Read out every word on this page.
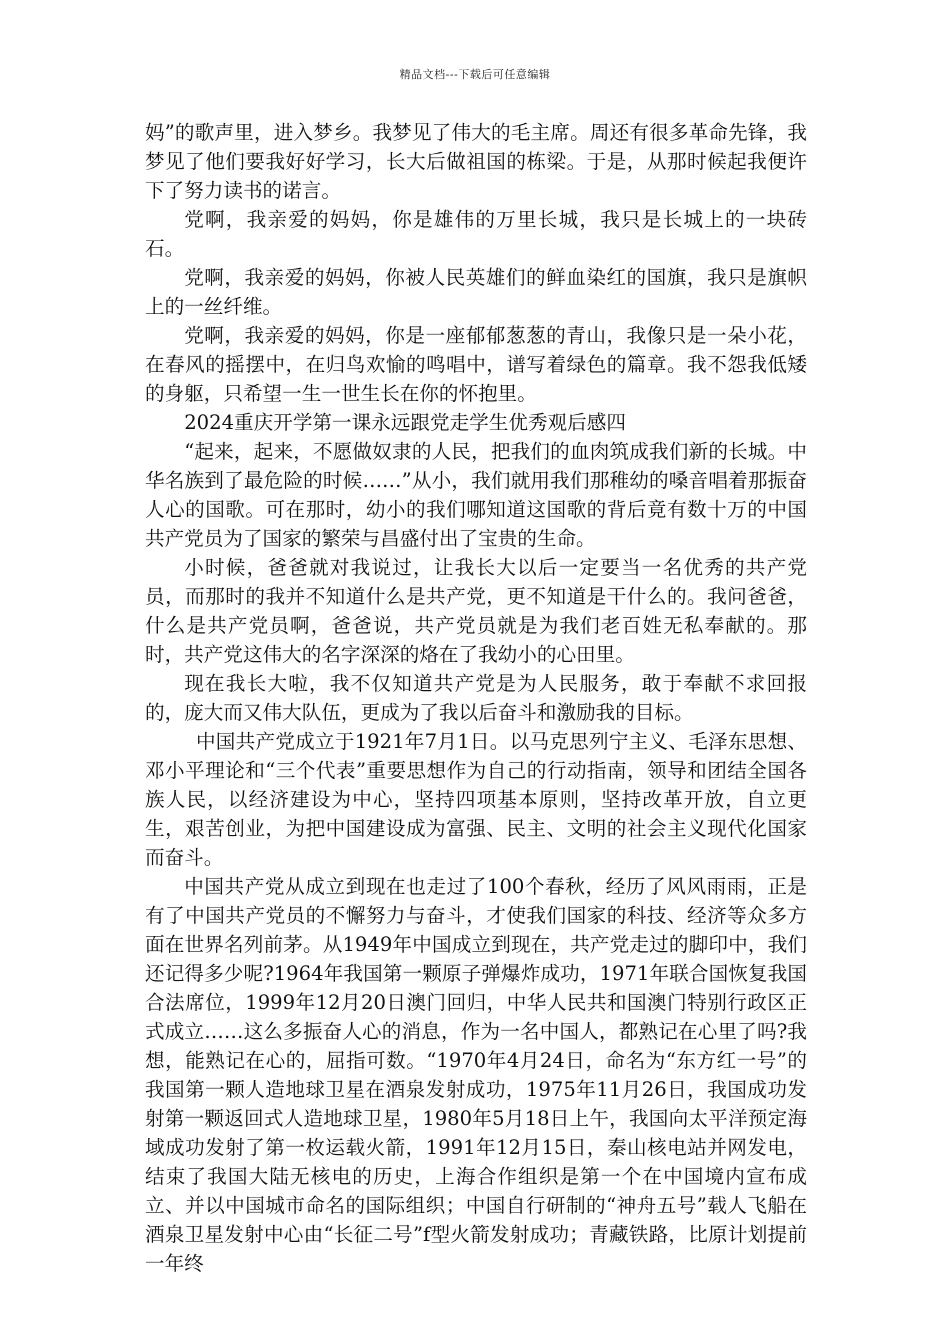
精品文档---下载后可任意编辑

妈”的歌声里，进入梦乡。我梦见了伟大的毛主席。周还有很多革命先锋，我梦见了他们要我好好学习，长大后做祖国的栋梁。于是，从那时候起我便许下了努力读书的诺言。

党啊，我亲爱的妈妈，你是雄伟的万里长城，我只是长城上的一块砖石。

党啊，我亲爱的妈妈，你被人民英雄们的鲜血染红的国旗，我只是旗帜上的一丝纤维。

党啊，我亲爱的妈妈，你是一座郁郁葱葱的青山，我像只是一朵小花，在春风的摇摆中，在归鸟欢愉的鸣唱中，谱写着绿色的篇章。我不怨我低矮的身躯，只希望一生一世生长在你的怀抱里。

2024重庆开学第一课永远跟党走学生优秀观后感四

“起来，起来，不愿做奴隶的人民，把我们的血肉筑成我们新的长城。中华名族到了最危险的时候……”从小，我们就用我们那稚幼的嗓音唱着那振奋人心的国歌。可在那时，幼小的我们哪知道这国歌的背后竟有数十万的中国共产党员为了国家的繁荣与昌盛付出了宝贵的生命。

小时候，爸爸就对我说过，让我长大以后一定要当一名优秀的共产党员，而那时的我并不知道什么是共产党，更不知道是干什么的。我问爸爸，什么是共产党员啊，爸爸说，共产党员就是为我们老百姓无私奉献的。那时，共产党这伟大的名字深深的烙在了我幼小的心田里。

现在我长大啦，我不仅知道共产党是为人民服务，敢于奉献不求回报的，庞大而又伟大队伍，更成为了我以后奋斗和激励我的目标。

中国共产党成立于1921年7月1日。以马克思列宁主义、毛泽东思想、邓小平理论和“三个代表”重要思想作为自己的行动指南，领导和团结全国各族人民，以经济建设为中心，坚持四项基本原则，坚持改革开放，自立更生，艰苦创业，为把中国建设成为富强、民主、文明的社会主义现代化国家而奋斗。

中国共产党从成立到现在也走过了100个春秋，经历了风风雨雨，正是有了中国共产党员的不懈努力与奋斗，才使我们国家的科技、经济等众多方面在世界名列前茅。从1949年中国成立到现在，共产党走过的脚印中，我们还记得多少呢?1964年我国第一颗原子弹爆炸成功，1971年联合国恢复我国合法席位，1999年12月20日澳门回归，中华人民共和国澳门特别行政区正式成立……这么多振奋人心的消息，作为一名中国人，都熟记在心里了吗?我想，能熟记在心的，屈指可数。“1970年4月24日，命名为“东方红一号”的我国第一颗人造地球卫星在酒泉发射成功，1975年11月26日，我国成功发射第一颗返回式人造地球卫星，1980年5月18日上午，我国向太平洋预定海域成功发射了第一枚运载火箭，1991年12月15日，秦山核电站并网发电，结束了我国大陆无核电的历史，上海合作组织是第一个在中国境内宣布成立、并以中国城市命名的国际组织；中国自行研制的“神舟五号”载人飞船在酒泉卫星发射中心由“长征二号”f型火箭发射成功；青藏铁路，比原计划提前一年终
